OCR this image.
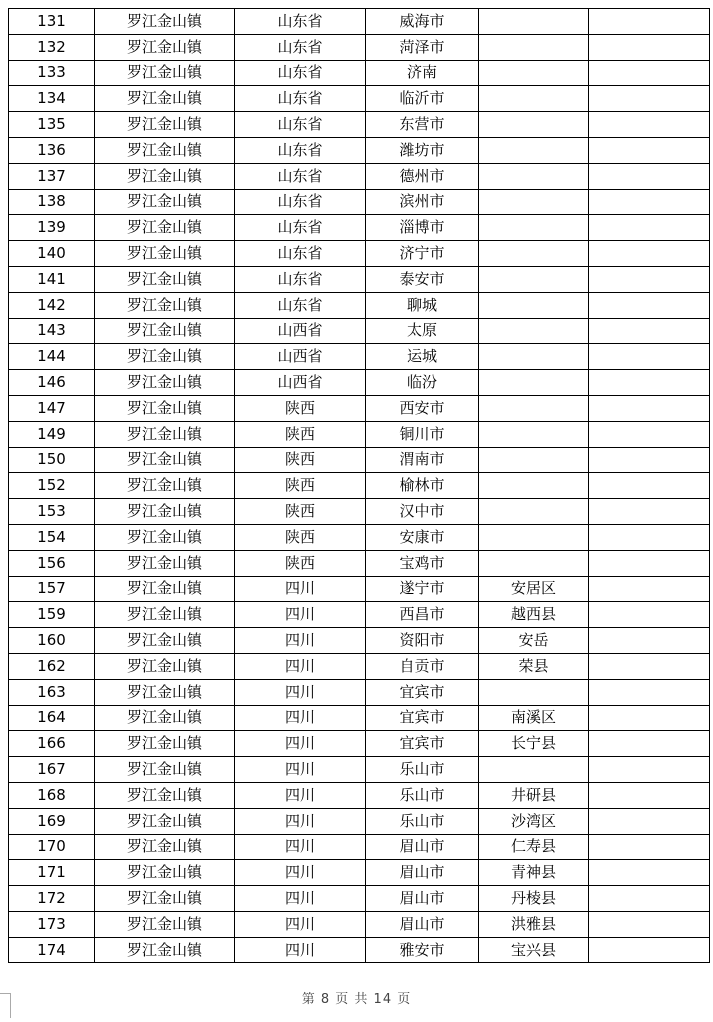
131	罗江金山镇	山东省	威海市		
132	罗江金山镇	山东省	菏泽市		
133	罗江金山镇	山东省	济南		
134	罗江金山镇	山东省	临沂市		
135	罗江金山镇	山东省	东营市		
136	罗江金山镇	山东省	潍坊市		
137	罗江金山镇	山东省	德州市		
138	罗江金山镇	山东省	滨州市		
139	罗江金山镇	山东省	淄博市		
140	罗江金山镇	山东省	济宁市		
141	罗江金山镇	山东省	泰安市		
142	罗江金山镇	山东省	聊城		
143	罗江金山镇	山西省	太原		
144	罗江金山镇	山西省	运城		
146	罗江金山镇	山西省	临汾		
147	罗江金山镇	陕西	西安市		
149	罗江金山镇	陕西	铜川市		
150	罗江金山镇	陕西	渭南市		
152	罗江金山镇	陕西	榆林市		
153	罗江金山镇	陕西	汉中市		
154	罗江金山镇	陕西	安康市		
156	罗江金山镇	陕西	宝鸡市		
157	罗江金山镇	四川	遂宁市	安居区	
159	罗江金山镇	四川	西昌市	越西县	
160	罗江金山镇	四川	资阳市	安岳	
162	罗江金山镇	四川	自贡市	荣县	
163	罗江金山镇	四川	宜宾市		
164	罗江金山镇	四川	宜宾市	南溪区	
166	罗江金山镇	四川	宜宾市	长宁县	
167	罗江金山镇	四川	乐山市		
168	罗江金山镇	四川	乐山市	井研县	
169	罗江金山镇	四川	乐山市	沙湾区	
170	罗江金山镇	四川	眉山市	仁寿县	
171	罗江金山镇	四川	眉山市	青神县	
172	罗江金山镇	四川	眉山市	丹棱县	
173	罗江金山镇	四川	眉山市	洪雅县	
174	罗江金山镇	四川	雅安市	宝兴县	
第 8 页 共 14 页
